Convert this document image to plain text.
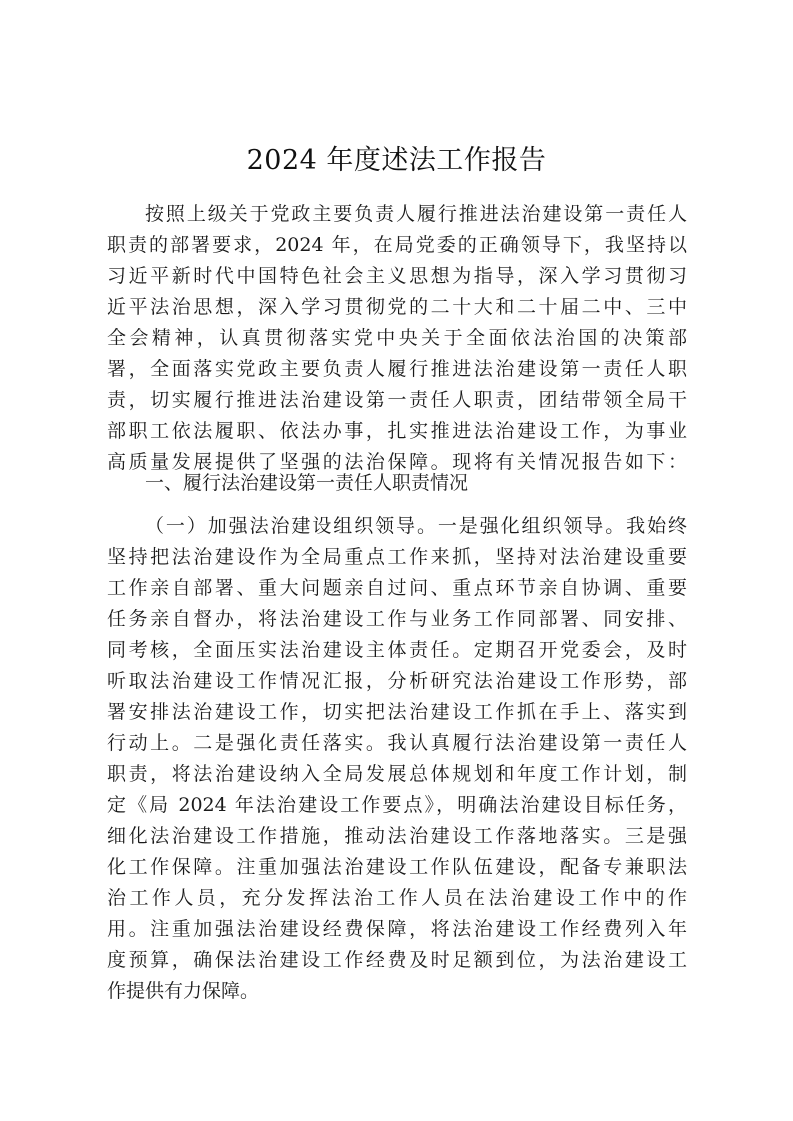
2024 年度述法工作报告
按照上级关于党政主要负责人履行推进法治建设第一责任人
职责的部署要求，2024 年，在局党委的正确领导下，我坚持以
习近平新时代中国特色社会主义思想为指导，深入学习贯彻习
近平法治思想，深入学习贯彻党的二十大和二十届二中、三中
全会精神，认真贯彻落实党中央关于全面依法治国的决策部
署，全面落实党政主要负责人履行推进法治建设第一责任人职
责，切实履行推进法治建设第一责任人职责，团结带领全局干
部职工依法履职、依法办事，扎实推进法治建设工作，为事业
高质量发展提供了坚强的法治保障。现将有关情况报告如下：
一、履行法治建设第一责任人职责情况
（一）加强法治建设组织领导。一是强化组织领导。我始终
坚持把法治建设作为全局重点工作来抓，坚持对法治建设重要
工作亲自部署、重大问题亲自过问、重点环节亲自协调、重要
任务亲自督办，将法治建设工作与业务工作同部署、同安排、
同考核，全面压实法治建设主体责任。定期召开党委会，及时
听取法治建设工作情况汇报，分析研究法治建设工作形势，部
署安排法治建设工作，切实把法治建设工作抓在手上、落实到
行动上。二是强化责任落实。我认真履行法治建设第一责任人
职责，将法治建设纳入全局发展总体规划和年度工作计划，制
定《局 2024 年法治建设工作要点》，明确法治建设目标任务，
细化法治建设工作措施，推动法治建设工作落地落实。三是强
化工作保障。注重加强法治建设工作队伍建设，配备专兼职法
治工作人员，充分发挥法治工作人员在法治建设工作中的作
用。注重加强法治建设经费保障，将法治建设工作经费列入年
度预算，确保法治建设工作经费及时足额到位，为法治建设工
作提供有力保障。
